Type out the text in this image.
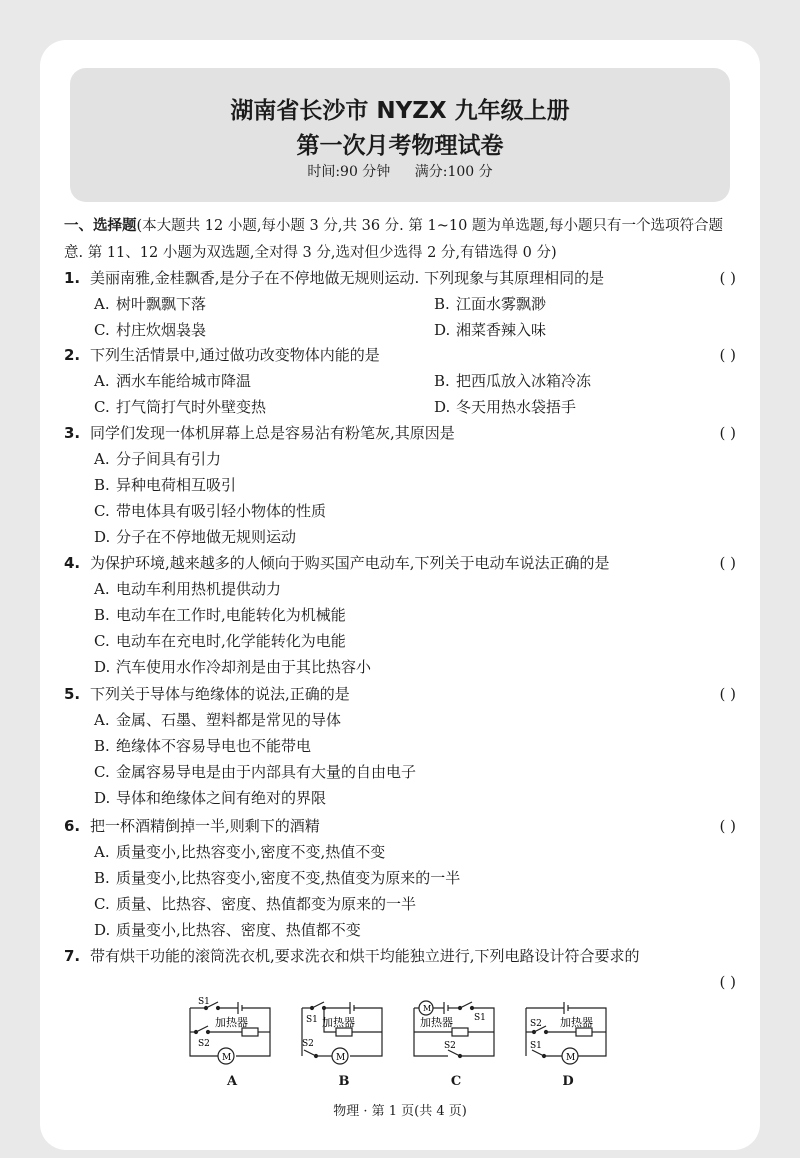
湖南省长沙市 NYZX 九年级上册
第一次月考物理试卷
时间:90 分钟 满分:100 分
一、选择题(本大题共 12 小题,每小题 3 分,共 36 分. 第 1~10 题为单选题,每小题只有一个选项符合题意. 第 11、12 小题为双选题,全对得 3 分,选对但少选得 2 分,有错选得 0 分)
1. 美丽南雅,金桂飘香,是分子在不停地做无规则运动. 下列现象与其原理相同的是	( )
A. 树叶飘飘下落	B. 江面水雾飘渺
C. 村庄炊烟袅袅	D. 湘菜香辣入味
2. 下列生活情景中,通过做功改变物体内能的是	( )
A. 洒水车能给城市降温	B. 把西瓜放入冰箱冷冻
C. 打气筒打气时外壁变热	D. 冬天用热水袋捂手
3. 同学们发现一体机屏幕上总是容易沾有粉笔灰,其原因是	( )
A. 分子间具有引力
B. 异种电荷相互吸引
C. 带电体具有吸引轻小物体的性质
D. 分子在不停地做无规则运动
4. 为保护环境,越来越多的人倾向于购买国产电动车,下列关于电动车说法正确的是	( )
A. 电动车利用热机提供动力
B. 电动车在工作时,电能转化为机械能
C. 电动车在充电时,化学能转化为电能
D. 汽车使用水作冷却剂是由于其比热容小
5. 下列关于导体与绝缘体的说法,正确的是	( )
A. 金属、石墨、塑料都是常见的导体
B. 绝缘体不容易导电也不能带电
C. 金属容易导电是由于内部具有大量的自由电子
D. 导体和绝缘体之间有绝对的界限
6. 把一杯酒精倒掉一半,则剩下的酒精	( )
A. 质量变小,比热容变小,密度不变,热值不变
B. 质量变小,比热容变小,密度不变,热值变为原来的一半
C. 质量、比热容、密度、热值都变为原来的一半
D. 质量变小,比热容、密度、热值都不变
7. 带有烘干功能的滚筒洗衣机,要求洗衣和烘干均能独立进行,下列电路设计符合要求的
( )
S1
S2
加热器
M
S1
S2
加热器
M
M
S1
S2
加热器	S2
S1
加热器
M
A	B	C	D
物理 · 第 1 页(共 4 页)
